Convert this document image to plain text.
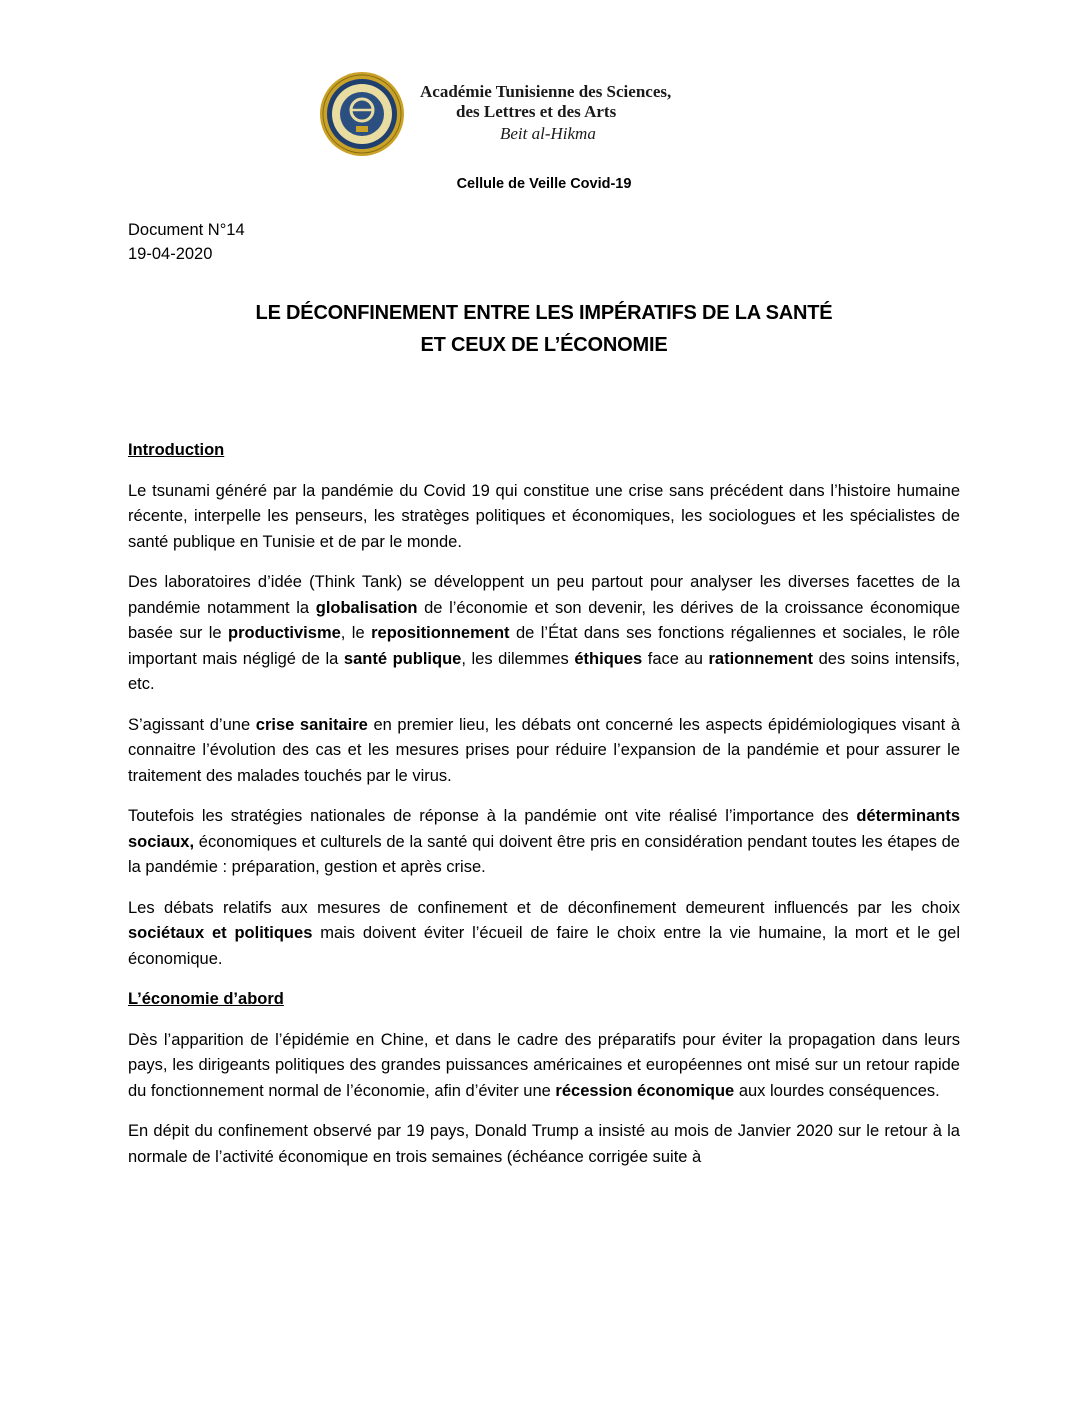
Académie Tunisienne des Sciences,
des Lettres et des Arts
Beit al-Hikma
Cellule de Veille Covid-19
Document N°14
19-04-2020
LE DÉCONFINEMENT ENTRE LES IMPÉRATIFS DE LA SANTÉ
ET CEUX DE L’ÉCONOMIE
Introduction

Le tsunami généré par la pandémie du Covid 19 qui constitue une crise sans précédent dans l’histoire humaine récente, interpelle les penseurs, les stratèges politiques et économiques, les sociologues et les spécialistes de santé publique en Tunisie et de par le monde.

Des laboratoires d’idée (Think Tank) se développent un peu partout pour analyser les diverses facettes de la pandémie notamment la globalisation de l’économie et son devenir, les dérives de la croissance économique basée sur le productivisme, le repositionnement de l’État dans ses fonctions régaliennes et sociales, le rôle important mais négligé de la santé publique, les dilemmes éthiques face au rationnement des soins intensifs, etc.

S’agissant d’une crise sanitaire en premier lieu, les débats ont concerné les aspects épidémiologiques visant à connaitre l’évolution des cas et les mesures prises pour réduire l’expansion de la pandémie et pour assurer le traitement des malades touchés par le virus.

Toutefois les stratégies nationales de réponse à la pandémie ont vite réalisé l’importance des déterminants sociaux, économiques et culturels de la santé qui doivent être pris en considération pendant toutes les étapes de la pandémie : préparation, gestion et après crise.

Les débats relatifs aux mesures de confinement et de déconfinement demeurent influencés par les choix sociétaux et politiques mais doivent éviter l’écueil de faire le choix entre la vie humaine, la mort et le gel économique.

L’économie d’abord

Dès l’apparition de l’épidémie en Chine, et dans le cadre des préparatifs pour éviter la propagation dans leurs pays, les dirigeants politiques des grandes puissances américaines et européennes ont misé sur un retour rapide du fonctionnement normal de l’économie, afin d’éviter une récession économique aux lourdes conséquences.

En dépit du confinement observé par 19 pays, Donald Trump a insisté au mois de Janvier 2020 sur le retour à la normale de l’activité économique en trois semaines (échéance corrigée suite à
